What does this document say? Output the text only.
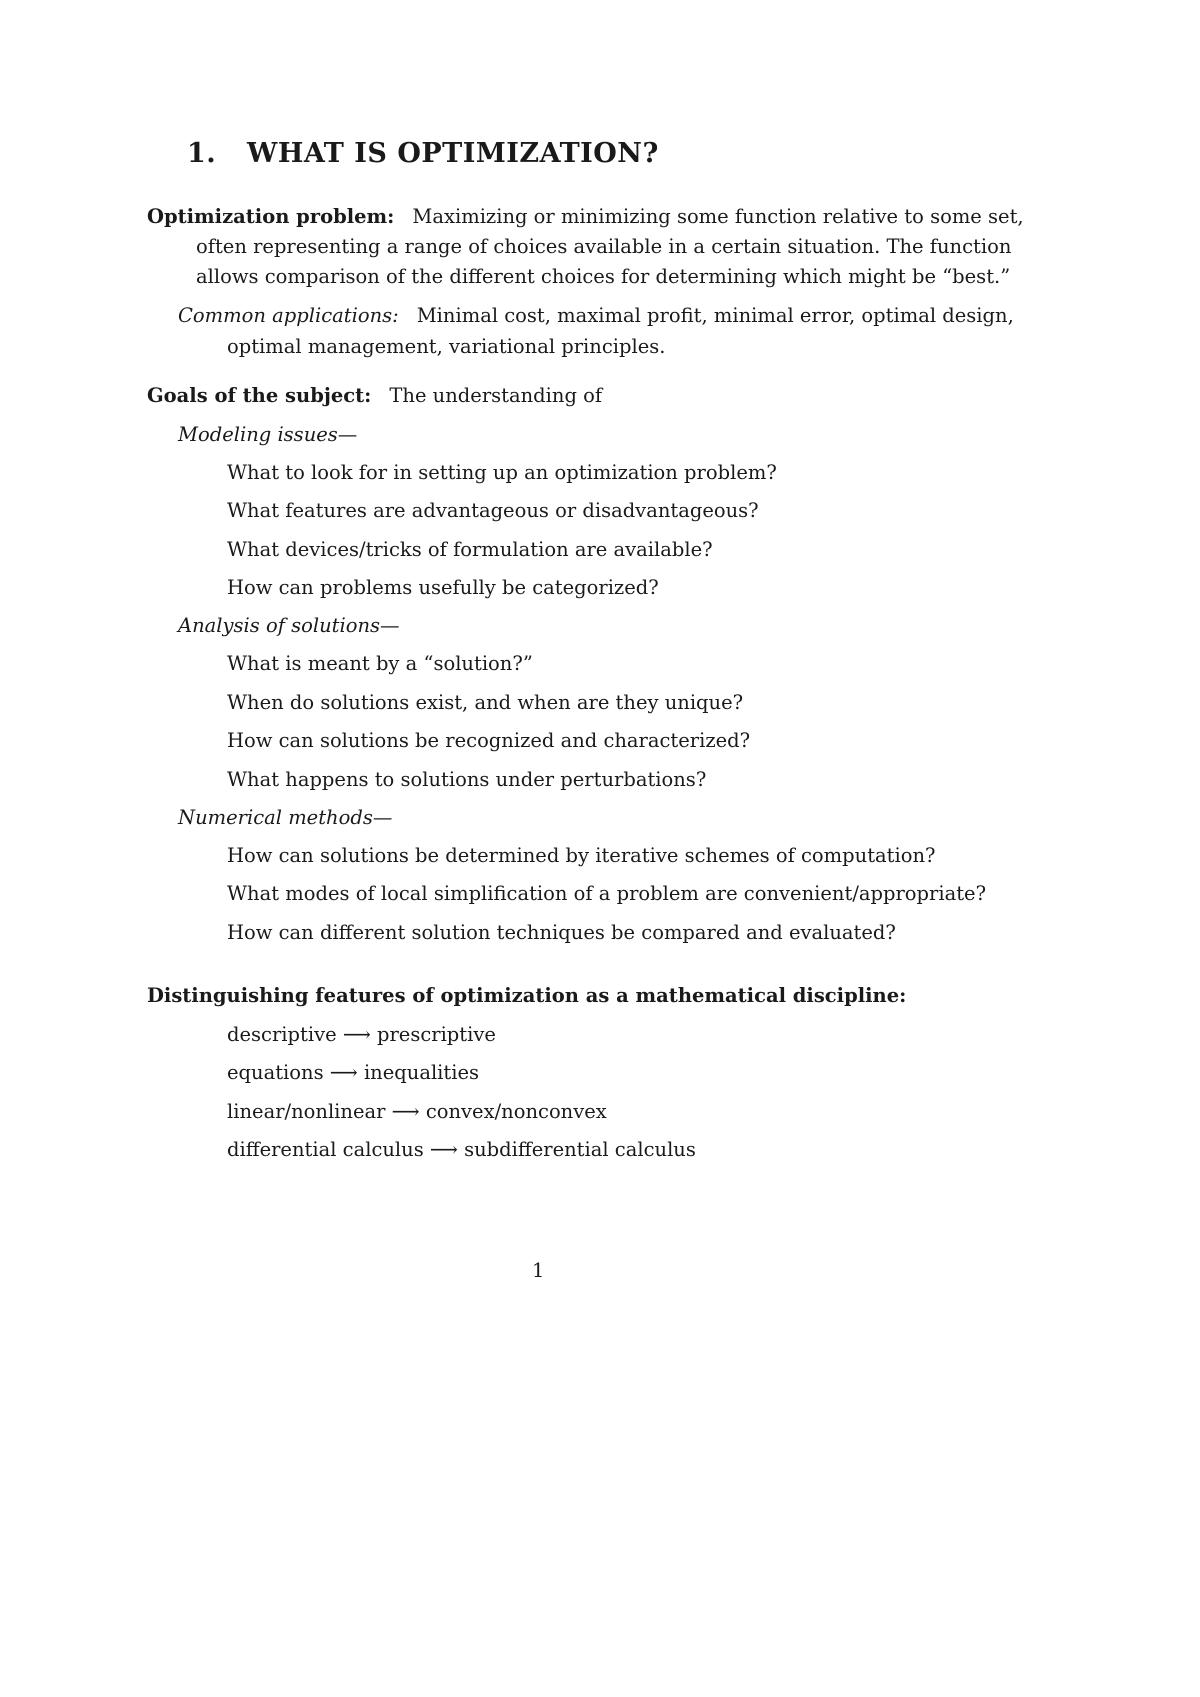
1. WHAT IS OPTIMIZATION?
Optimization problem: Maximizing or minimizing some function relative to some set,
often representing a range of choices available in a certain situation. The function
allows comparison of the different choices for determining which might be “best.”
Common applications: Minimal cost, maximal profit, minimal error, optimal design,
optimal management, variational principles.
Goals of the subject: The understanding of
Modeling issues—
What to look for in setting up an optimization problem?
What features are advantageous or disadvantageous?
What devices/tricks of formulation are available?
How can problems usefully be categorized?
Analysis of solutions—
What is meant by a “solution?”
When do solutions exist, and when are they unique?
How can solutions be recognized and characterized?
What happens to solutions under perturbations?
Numerical methods—
How can solutions be determined by iterative schemes of computation?
What modes of local simplification of a problem are convenient/appropriate?
How can different solution techniques be compared and evaluated?
Distinguishing features of optimization as a mathematical discipline:
descriptive ⟶ prescriptive
equations ⟶ inequalities
linear/nonlinear ⟶ convex/nonconvex
differential calculus ⟶ subdifferential calculus
1
